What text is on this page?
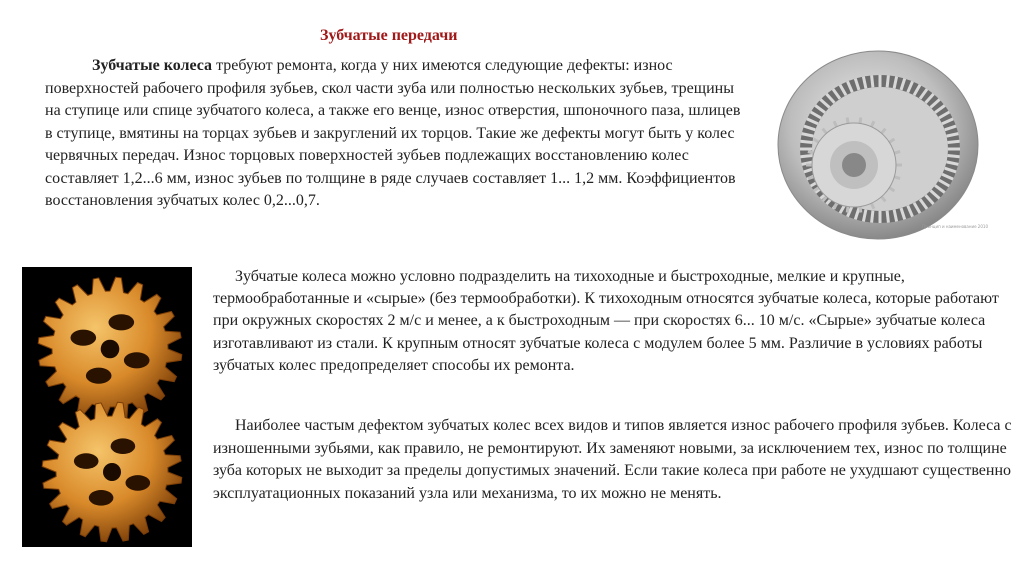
Зубчатые передачи

Зубчатые колеса требуют ремонта, когда у них имеются следующие дефекты: износ поверхностей рабочего профиля зубьев, скол части зуба или полностью нескольких зубьев, трещины на ступице или спице зубчатого колеса, а также его венце, износ отверстия, шпоночного паза, шлицев в ступице, вмятины на торцах зубьев и закруглений их торцов. Такие же дефекты могут быть у колес червячных передач. Износ торцовых поверхностей зубьев подлежащих восстановлению колес составляет 1,2...6 мм, износ зубьев по толщине в ряде случаев составляет 1... 1,2 мм. Коэффициентов восстановления зубчатых колес 0,2...0,7.

Принцип и наименование 2010

Зубчатые колеса можно условно подразделить на тихоходные и быстроходные, мелкие и крупные, термообработанные и «сырые» (без термообработки). К тихоходным относятся зубчатые колеса, которые работают при окружных скоростях 2 м/с и менее, а к быстроходным — при скоростях 6... 10 м/с. «Сырые» зубчатые колеса изготавливают из стали. К крупным относят зубчатые колеса с модулем более 5 мм. Различие в условиях работы зубчатых колес предопределяет способы их ремонта.

Наиболее частым дефектом зубчатых колес всех видов и типов является износ рабочего профиля зубьев. Колеса с изношенными зубьями, как правило, не ремонтируют. Их заменяют новыми, за исключением тех, износ по толщине зуба которых не выходит за пределы допустимых значений. Если такие колеса при работе не ухудшают существенно эксплуатационных показаний узла или механизма, то их можно не менять.
